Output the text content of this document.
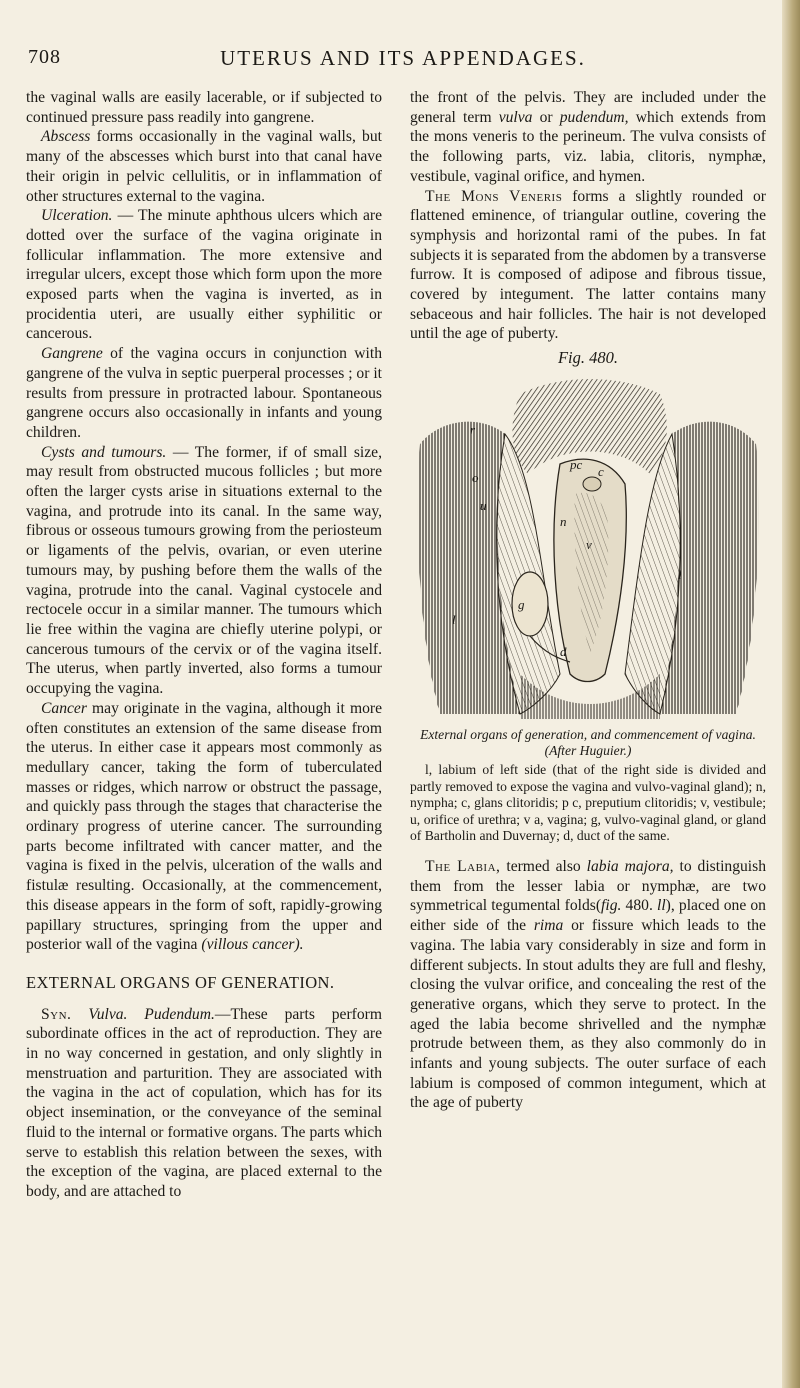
708	UTERUS AND ITS APPENDAGES.

the vaginal walls are easily lacerable, or if subjected to continued pressure pass readily into gangrene.

Abscess forms occasionally in the vaginal walls, but many of the abscesses which burst into that canal have their origin in pelvic cellulitis, or in inflammation of other structures external to the vagina.

Ulceration. — The minute aphthous ulcers which are dotted over the surface of the vagina originate in follicular inflammation. The more extensive and irregular ulcers, except those which form upon the more exposed parts when the vagina is inverted, as in procidentia uteri, are usually either syphilitic or cancerous.

Gangrene of the vagina occurs in conjunction with gangrene of the vulva in septic puerperal processes ; or it results from pressure in protracted labour. Spontaneous gangrene occurs also occasionally in infants and young children.

Cysts and tumours. — The former, if of small size, may result from obstructed mucous follicles ; but more often the larger cysts arise in situations external to the vagina, and protrude into its canal. In the same way, fibrous or osseous tumours growing from the periosteum or ligaments of the pelvis, ovarian, or even uterine tumours may, by pushing before them the walls of the vagina, protrude into the canal. Vaginal cystocele and rectocele occur in a similar manner. The tumours which lie free within the vagina are chiefly uterine polypi, or cancerous tumours of the cervix or of the vagina itself. The uterus, when partly inverted, also forms a tumour occupying the vagina.

Cancer may originate in the vagina, although it more often constitutes an extension of the same disease from the uterus. In either case it appears most commonly as medullary cancer, taking the form of tuberculated masses or ridges, which narrow or obstruct the passage, and quickly pass through the stages that characterise the ordinary progress of uterine cancer. The surrounding parts become infiltrated with cancer matter, and the vagina is fixed in the pelvis, ulceration of the walls and fistulæ resulting. Occasionally, at the commencement, this disease appears in the form of soft, rapidly-growing papillary structures, springing from the upper and posterior wall of the vagina (villous cancer).

EXTERNAL ORGANS OF GENERATION.

Syn. Vulva. Pudendum.—These parts perform subordinate offices in the act of reproduction. They are in no way concerned in gestation, and only slightly in menstruation and parturition. They are associated with the vagina in the act of copulation, which has for its object insemination, or the conveyance of the seminal fluid to the internal or formative organs. The parts which serve to establish this relation between the sexes, with the exception of the vagina, are placed external to the body, and are attached to

the front of the pelvis. They are included under the general term vulva or pudendum, which extends from the mons veneris to the perineum. The vulva consists of the following parts, viz. labia, clitoris, nymphæ, vestibule, vaginal orifice, and hymen.

The Mons Veneris forms a slightly rounded or flattened eminence, of triangular outline, covering the symphysis and horizontal rami of the pubes. In fat subjects it is separated from the abdomen by a transverse furrow. It is composed of adipose and fibrous tissue, covered by integument. The latter contains many sebaceous and hair follicles. The hair is not developed until the age of puberty.

Fig. 480.
r
o
u
n
l
pc c
v
g
l
d

External organs of generation, and commencement of vagina. (After Huguier.)

l, labium of left side (that of the right side is divided and partly removed to expose the vagina and vulvo-vaginal gland); n, nympha; c, glans clitoridis; p c, preputium clitoridis; v, vestibule; u, orifice of urethra; v a, vagina; g, vulvo-vaginal gland, or gland of Bartholin and Duvernay; d, duct of the same.

The Labia, termed also labia majora, to distinguish them from the lesser labia or nymphæ, are two symmetrical tegumental folds(fig. 480. ll), placed one on either side of the rima or fissure which leads to the vagina. The labia vary considerably in size and form in different subjects. In stout adults they are full and fleshy, closing the vulvar orifice, and concealing the rest of the generative organs, which they serve to protect. In the aged the labia become shrivelled and the nymphæ protrude between them, as they also commonly do in infants and young subjects. The outer surface of each labium is composed of common integument, which at the age of puberty
